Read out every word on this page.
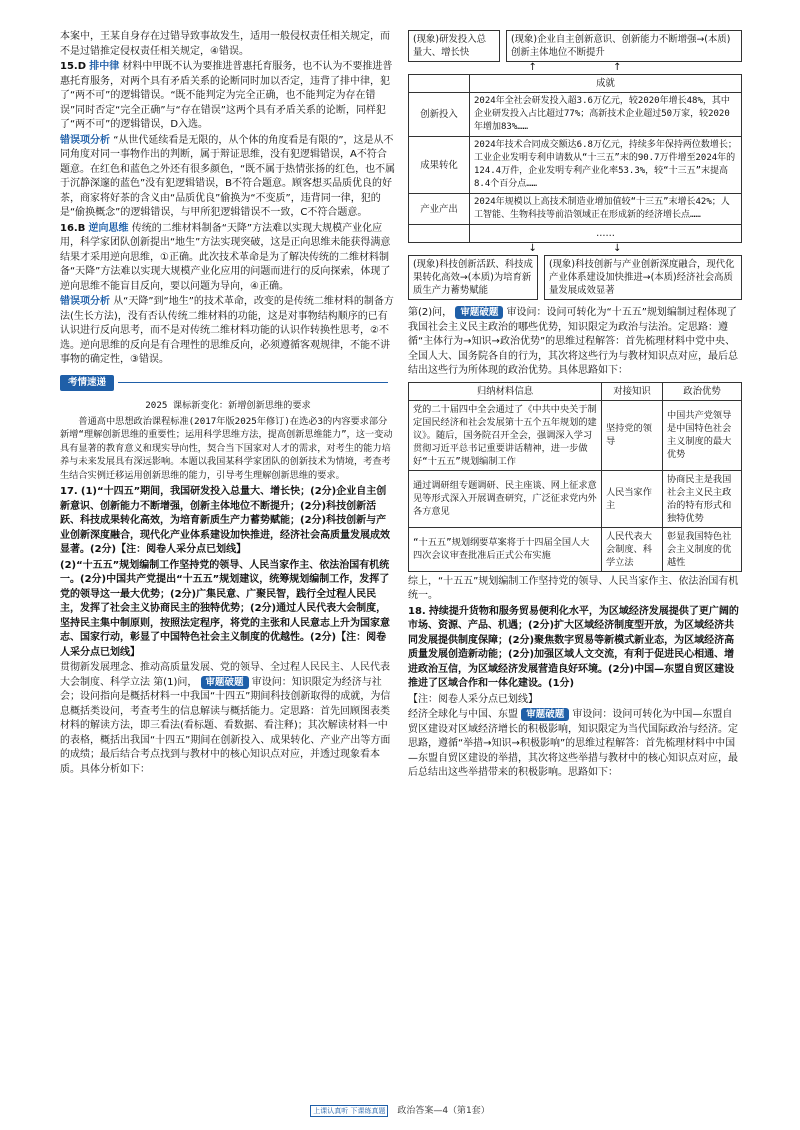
本案中，王某自身存在过错导致事故发生，适用一般侵权责任相关规定，而不是过错推定侵权责任相关规定，④错误。

15.D 排中律 材料中甲既不认为要推进普惠托育服务，也不认为不要推进普惠托育服务，对两个具有矛盾关系的论断同时加以否定，违背了排中律，犯了“两不可”的逻辑错误。“既不能判定为完全正确，也不能判定为存在错误”同时否定“完全正确”与“存在错误”这两个具有矛盾关系的论断，同样犯了“两不可”的逻辑错误，D入选。

错误项分析 “从世代延续看是无限的，从个体的角度看是有限的”，这是从不同角度对同一事物作出的判断，属于辩证思维，没有犯逻辑错误，A不符合题意。在红色和蓝色之外还有很多颜色，“既不属于热情张扬的红色，也不属于沉静深邃的蓝色”没有犯逻辑错误，B不符合题意。顾客想买品质优良的好茶，商家将好茶的含义由“品质优良”偷换为“不变质”，违背同一律，犯的是“偷换概念”的逻辑错误，与甲所犯逻辑错误不一致，C不符合题意。

16.B 逆向思维 传统的二维材料制备“天降”方法难以实现大规模产业化应用，科学家团队创新提出“地生”方法实现突破，这是正向思维未能获得满意结果才采用逆向思维，①正确。此次技术革命是为了解决传统的二维材料制备“天降”方法难以实现大规模产业化应用的问题而进行的反向探索，体现了逆向思维不能盲目反向，要以问题为导向，④正确。

错误项分析 从“天降”到“地生”的技术革命，改变的是传统二维材料的制备方法(生长方法)，没有否认传统二维材料的功能，这是对事物结构顺序的已有认识进行反向思考，而不是对传统二维材料功能的认识作转换性思考，②不选。逆向思维的反向是有合理性的思维反向，必须遵循客观规律，不能不讲事物的确定性，③错误。

考情速递

2025 课标新变化：新增创新思维的要求

普通高中思想政治课程标准(2017年版2025年修订)在选必3的内容要求部分新增“理解创新思维的重要性；运用科学思维方法，提高创新思维能力”，这一变动具有显著的教育意义和现实导向性，契合当下国家对人才的需求，对考生的能力培养与未来发展具有深远影响。本题以我国某科学家团队的创新技术为情境，考查考生结合实例迁移运用创新思维的能力，引导考生理解创新思维的要求。

17. (1)“十四五”期间，我国研发投入总量大、增长快；(2分)企业自主创新意识、创新能力不断增强，创新主体地位不断提升；(2分)科技创新活跃、科技成果转化高效，为培育新质生产力蓄势赋能；(2分)科技创新与产业创新深度融合，现代化产业体系建设加快推进，经济社会高质量发展成效显著。(2分)【注：阅卷人采分点已划线】

(2)“十五五”规划编制工作坚持党的领导、人民当家作主、依法治国有机统一。(2分)中国共产党提出“十五五”规划建议，统筹规划编制工作，发挥了党的领导这一最大优势；(2分)广集民意、广聚民智，践行全过程人民民主，发挥了社会主义协商民主的独特优势；(2分)通过人民代表大会制度，坚持民主集中制原则，按照法定程序，将党的主张和人民意志上升为国家意志、国家行动，彰显了中国特色社会主义制度的优越性。(2分)【注：阅卷人采分点已划线】

贯彻新发展理念、推动高质量发展、党的领导、全过程人民民主、人民代表大会制度、科学立法 第(1)问， 审题破题 审设问：知识限定为经济与社会；设问指向是概括材料一中我国“十四五”期间科技创新取得的成就，为信息概括类设问，考查考生的信息解读与概括能力。定思路：首先回顾图表类材料的解读方法，即三看法(看标题、看数据、看注释)；其次解读材料一中的表格，概括出我国“十四五”期间在创新投入、成果转化、产业产出等方面的成绩；最后结合考点找到与教材中的核心知识点对应，并透过现象看本质。具体分析如下：

(现象)研发投入总量大、增长快
(现象)企业自主创新意识、创新能力不断增强→(本质)创新主体地位不断提升
↑                        ↑
	成就
创新投入	2024年全社会研发投入超3.6万亿元，较2020年增长48%，其中企业研发投入占比超过77%；高新技术企业超过50万家，较2020年增加83%……
成果转化	2024年技术合同成交额达6.8万亿元，持续多年保持两位数增长；工业企业发明专利申请数从“十三五”末的90.7万件增至2024年的124.4万件，企业发明专利产业化率53.3%，较“十三五”末提高8.4个百分点……
产业产出	2024年规模以上高技术制造业增加值较“十三五”末增长42%；人工智能、生物科技等前沿领域正在形成新的经济增长点……
	……
↓                        ↓
(现象)科技创新活跃、科技成果转化高效→(本质)为培育新质生产力蓄势赋能
(现象)科技创新与产业创新深度融合，现代化产业体系建设加快推进→(本质)经济社会高质量发展成效显著

第(2)问， 审题破题 审设问：设问可转化为“十五五”规划编制过程体现了我国社会主义民主政治的哪些优势，知识限定为政治与法治。定思路：遵循“主体行为→知识→政治优势”的思维过程解答：首先梳理材料中党中央、全国人大、国务院各自的行为，其次将这些行为与教材知识点对应，最后总结出这些行为所体现的政治优势。具体思路如下：

归纳材料信息	对接知识	政治优势
党的二十届四中全会通过了《中共中央关于制定国民经济和社会发展第十五个五年规划的建议》。随后，国务院召开全会，强调深入学习贯彻习近平总书记重要讲话精神，进一步做好“十五五”规划编制工作	坚持党的领导	中国共产党领导是中国特色社会主义制度的最大优势
通过调研组专题调研、民主座谈、网上征求意见等形式深入开展调查研究，广泛征求党内外各方意见	人民当家作主	协商民主是我国社会主义民主政治的特有形式和独特优势
“十五五”规划纲要草案将于十四届全国人大四次会议审查批准后正式公布实施	人民代表大会制度、科学立法	彰显我国特色社会主义制度的优越性

综上，“十五五”规划编制工作坚持党的领导、人民当家作主、依法治国有机统一。

18. 持续提升货物和服务贸易便利化水平，为区域经济发展提供了更广阔的市场、资源、产品、机遇；(2分)扩大区域经济制度型开放，为区域经济共同发展提供制度保障；(2分)聚焦数字贸易等新模式新业态，为区域经济高质量发展创造新动能；(2分)加强区域人文交流，有利于促进民心相通、增进政治互信，为区域经济发展营造良好环境。(2分)中国—东盟自贸区建设推进了区域合作和一体化建设。(1分)

【注：阅卷人采分点已划线】

经济全球化与中国、东盟 审题破题 审设问：设问可转化为中国—东盟自贸区建设对区域经济增长的积极影响，知识限定为当代国际政治与经济。定思路，遵循“举措→知识→积极影响”的思维过程解答：首先梳理材料中中国—东盟自贸区建设的举措，其次将这些举措与教材中的核心知识点对应，最后总结出这些举措带来的积极影响。思路如下：

上课认真听 下课练真题 政治答案—4（第1套）
